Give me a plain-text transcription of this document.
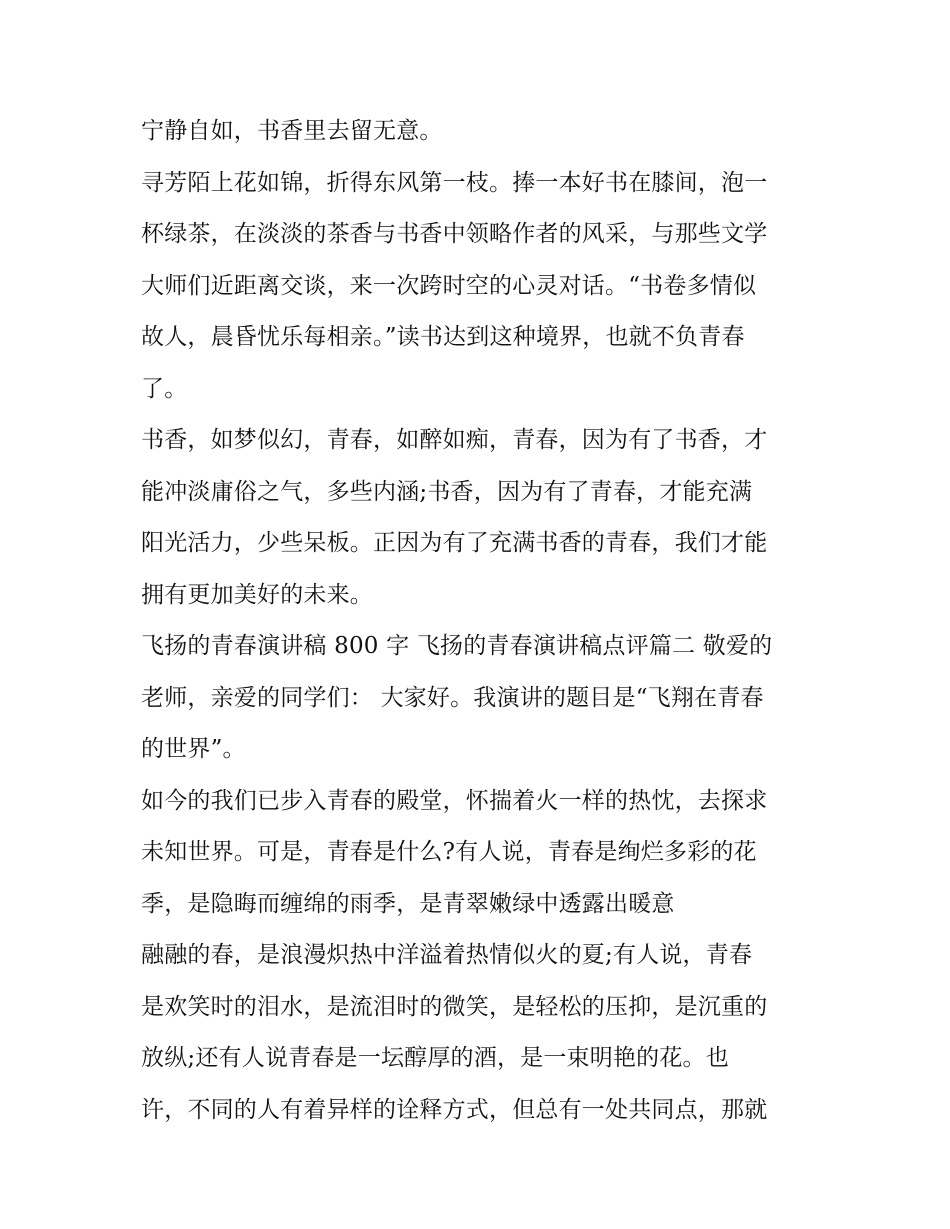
宁静自如，书香里去留无意。
寻芳陌上花如锦，折得东风第一枝。捧一本好书在膝间，泡一
杯绿茶，在淡淡的茶香与书香中领略作者的风采，与那些文学
大师们近距离交谈，来一次跨时空的心灵对话。“书卷多情似
故人，晨昏忧乐每相亲。”读书达到这种境界，也就不负青春
了。
书香，如梦似幻，青春，如醉如痴，青春，因为有了书香，才
能冲淡庸俗之气，多些内涵;书香，因为有了青春，才能充满
阳光活力，少些呆板。正因为有了充满书香的青春，我们才能
拥有更加美好的未来。
飞扬的青春演讲稿 800 字 飞扬的青春演讲稿点评篇二 敬爱的
老师，亲爱的同学们： 大家好。我演讲的题目是“飞翔在青春
的世界”。
如今的我们已步入青春的殿堂，怀揣着火一样的热忱，去探求
未知世界。可是，青春是什么?有人说，青春是绚烂多彩的花
季，是隐晦而缠绵的雨季，是青翠嫩绿中透露出暖意
融融的春，是浪漫炽热中洋溢着热情似火的夏;有人说，青春
是欢笑时的泪水，是流泪时的微笑，是轻松的压抑，是沉重的
放纵;还有人说青春是一坛醇厚的酒，是一束明艳的花。也
许，不同的人有着异样的诠释方式，但总有一处共同点，那就
